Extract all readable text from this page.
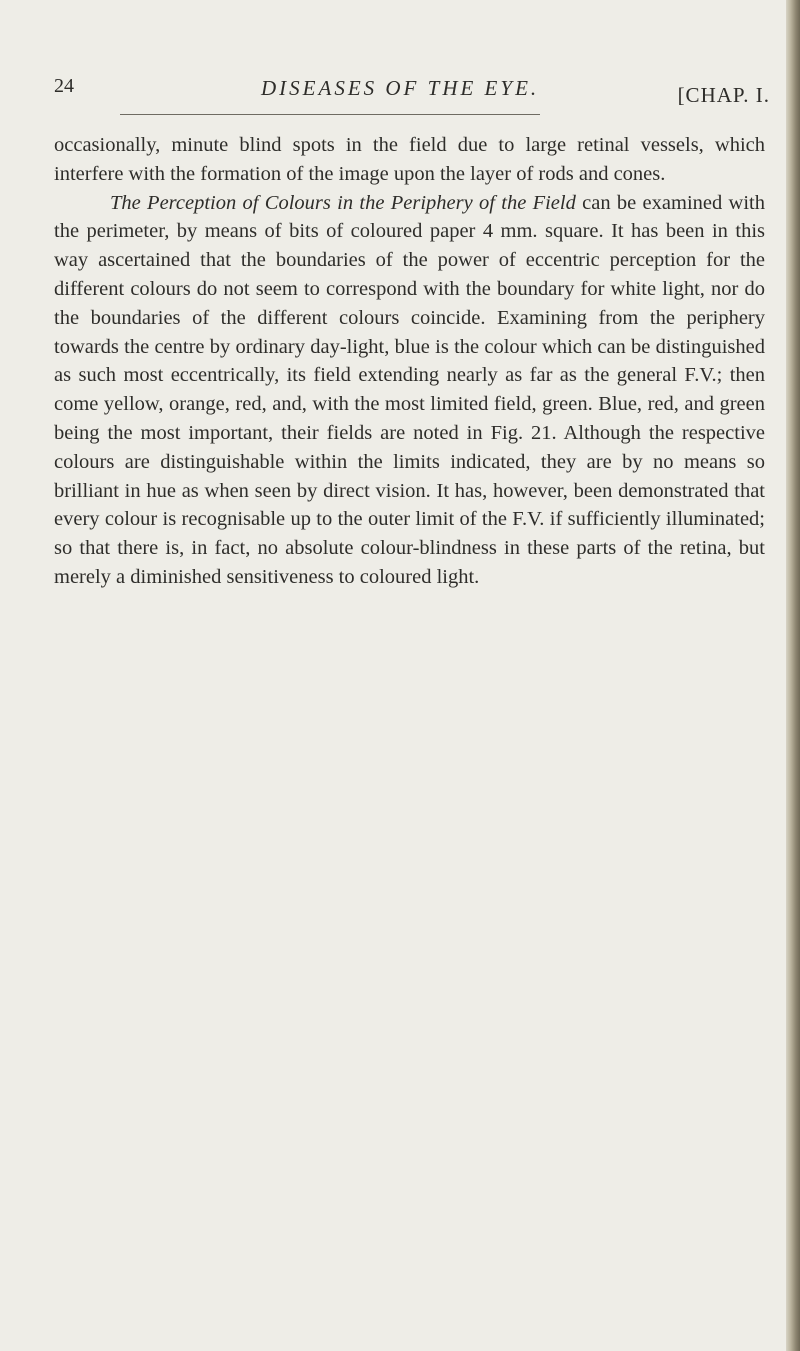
24	DISEASES OF THE EYE.	[CHAP. I.

occasionally, minute blind spots in the field due to large retinal vessels, which interfere with the formation of the image upon the layer of rods and cones.

The Perception of Colours in the Periphery of the Field can be examined with the perimeter, by means of bits of coloured paper 4 mm. square. It has been in this way ascertained that the boundaries of the power of eccentric perception for the different colours do not seem to correspond with the boundary for white light, nor do the boundaries of the different colours coincide. Examining from the periphery towards the centre by ordinary day-light, blue is the colour which can be distinguished as such most eccentrically, its field extending nearly as far as the general F.V.; then come yellow, orange, red, and, with the most limited field, green. Blue, red, and green being the most important, their fields are noted in Fig. 21. Although the respective colours are distinguishable within the limits indicated, they are by no means so brilliant in hue as when seen by direct vision. It has, however, been demonstrated that every colour is recognisable up to the outer limit of the F.V. if sufficiently illuminated; so that there is, in fact, no absolute colour-blindness in these parts of the retina, but merely a diminished sensitiveness to coloured light.
